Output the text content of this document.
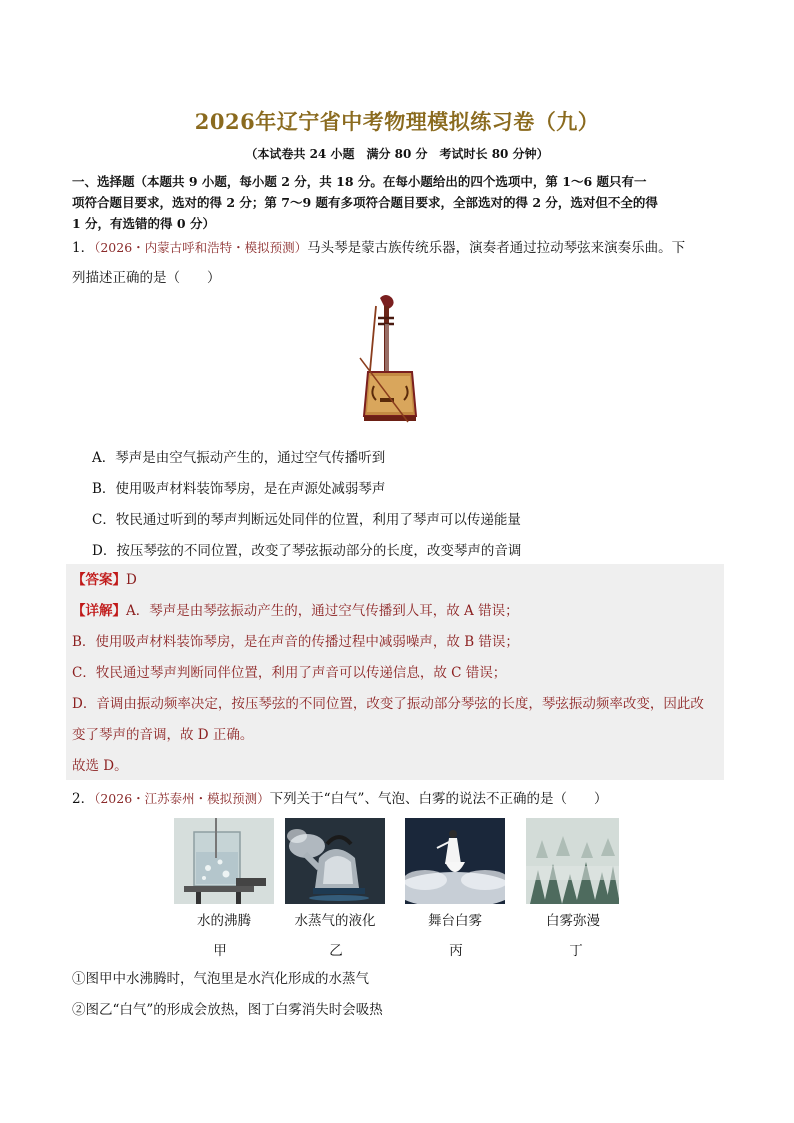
2026年辽宁省中考物理模拟练习卷（九）
（本试卷共 24 小题　满分 80 分　考试时长 80 分钟）
一、选择题（本题共 9 小题，每小题 2 分，共 18 分。在每小题给出的四个选项中，第 1～6 题只有一
项符合题目要求，选对的得 2 分；第 7～9 题有多项符合题目要求，全部选对的得 2 分，选对但不全的得
1 分，有选错的得 0 分）
1．（2026・内蒙古呼和浩特・模拟预测）马头琴是蒙古族传统乐器，演奏者通过拉动琴弦来演奏乐曲。下
列描述正确的是（　　）
A．琴声是由空气振动产生的，通过空气传播听到
B．使用吸声材料装饰琴房，是在声源处减弱琴声
C．牧民通过听到的琴声判断远处同伴的位置，利用了琴声可以传递能量
D．按压琴弦的不同位置，改变了琴弦振动部分的长度，改变琴声的音调
【答案】D
【详解】A．琴声是由琴弦振动产生的，通过空气传播到人耳，故 A 错误；
B．使用吸声材料装饰琴房，是在声音的传播过程中减弱噪声，故 B 错误；
C．牧民通过琴声判断同伴位置，利用了声音可以传递信息，故 C 错误；
D．音调由振动频率决定，按压琴弦的不同位置，改变了振动部分琴弦的长度，琴弦振动频率改变，因此改
变了琴声的音调，故 D 正确。
故选 D。
2．（2026・江苏泰州・模拟预测）下列关于“白气”、气泡、白雾的说法不正确的是（　　）
水的沸腾	水蒸气的液化	舞台白雾	白雾弥漫
甲	乙	丙	丁
①图甲中水沸腾时，气泡里是水汽化形成的水蒸气
②图乙“白气”的形成会放热，图丁白雾消失时会吸热
